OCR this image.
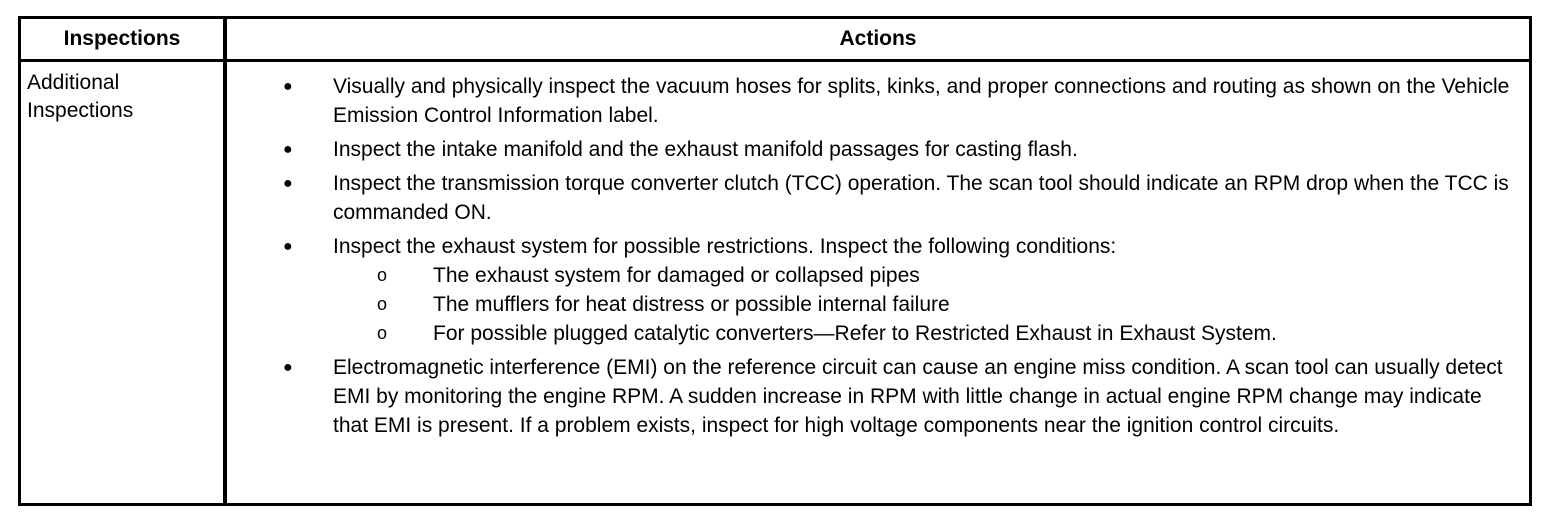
Inspections	Actions
Additional Inspections
● Visually and physically inspect the vacuum hoses for splits, kinks, and proper connections and routing as shown on the Vehicle Emission Control Information label.
● Inspect the intake manifold and the exhaust manifold passages for casting flash.
● Inspect the transmission torque converter clutch (TCC) operation. The scan tool should indicate an RPM drop when the TCC is commanded ON.
● Inspect the exhaust system for possible restrictions. Inspect the following conditions:
o The exhaust system for damaged or collapsed pipes
o The mufflers for heat distress or possible internal failure
o For possible plugged catalytic converters—Refer to Restricted Exhaust in Exhaust System.
● Electromagnetic interference (EMI) on the reference circuit can cause an engine miss condition. A scan tool can usually detect EMI by monitoring the engine RPM. A sudden increase in RPM with little change in actual engine RPM change may indicate that EMI is present. If a problem exists, inspect for high voltage components near the ignition control circuits.
